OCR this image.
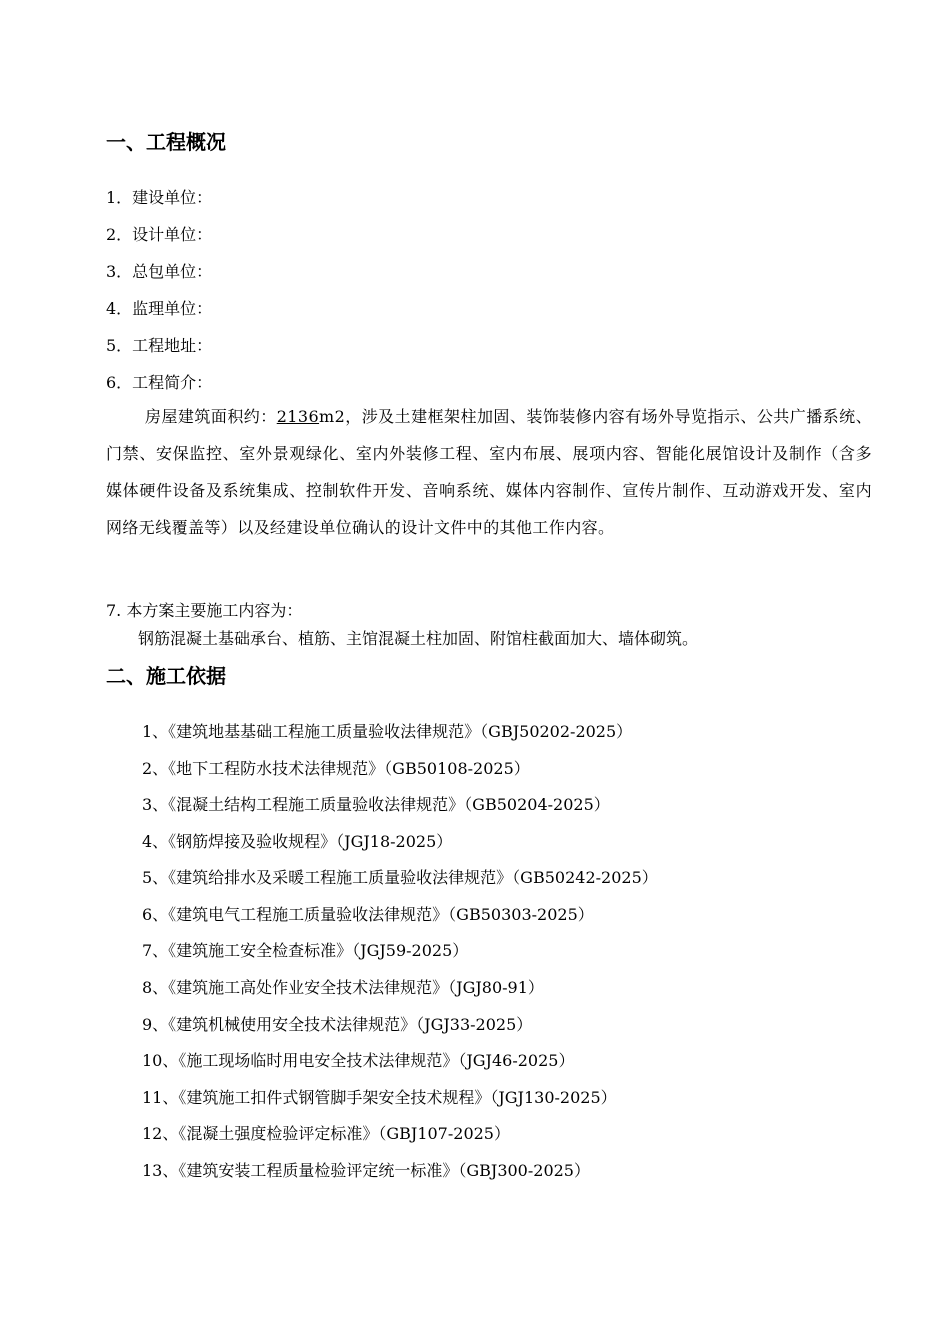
一、工程概况
1．建设单位：
2．设计单位：
3．总包单位：
4．监理单位：
5．工程地址：
6．工程简介：
房屋建筑面积约：2136m2，涉及土建框架柱加固、装饰装修内容有场外导览指示、公共广播系统、门禁、安保监控、室外景观绿化、室内外装修工程、室内布展、展项内容、智能化展馆设计及制作（含多媒体硬件设备及系统集成、控制软件开发、音响系统、媒体内容制作、宣传片制作、互动游戏开发、室内网络无线覆盖等）以及经建设单位确认的设计文件中的其他工作内容。
7. 本方案主要施工内容为：
钢筋混凝土基础承台、植筋、主馆混凝土柱加固、附馆柱截面加大、墙体砌筑。
二、施工依据
1、《建筑地基基础工程施工质量验收法律规范》（GBJ50202-2025）
2、《地下工程防水技术法律规范》（GB50108-2025）
3、《混凝土结构工程施工质量验收法律规范》（GB50204-2025）
4、《钢筋焊接及验收规程》（JGJ18-2025）
5、《建筑给排水及采暖工程施工质量验收法律规范》（GB50242-2025）
6、《建筑电气工程施工质量验收法律规范》（GB50303-2025）
7、《建筑施工安全检查标准》（JGJ59-2025）
8、《建筑施工高处作业安全技术法律规范》（JGJ80-91）
9、《建筑机械使用安全技术法律规范》（JGJ33-2025）
10、《施工现场临时用电安全技术法律规范》（JGJ46-2025）
11、《建筑施工扣件式钢管脚手架安全技术规程》（JGJ130-2025）
12、《混凝土强度检验评定标准》（GBJ107-2025）
13、《建筑安装工程质量检验评定统一标准》（GBJ300-2025）
